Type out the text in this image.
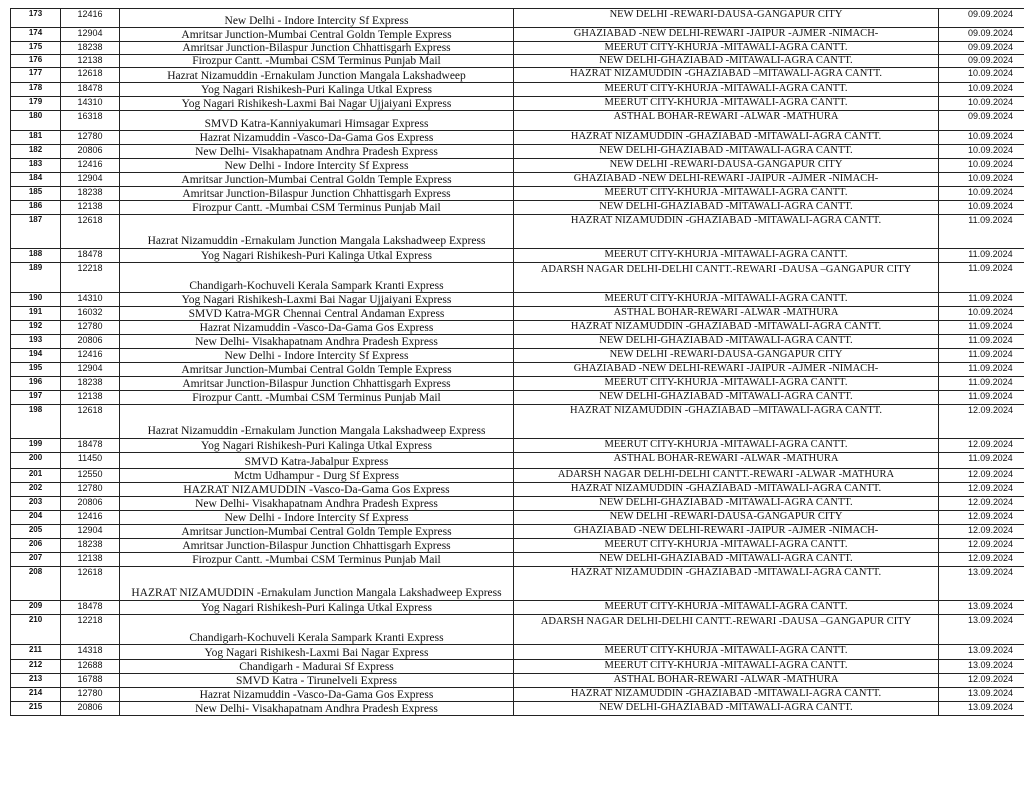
173	12416	New Delhi - Indore Intercity Sf Express	NEW DELHI -REWARI-DAUSA-GANGAPUR CITY	09.09.2024
174	12904	Amritsar Junction-Mumbai Central Goldn Temple Express	GHAZIABAD -NEW DELHI-REWARI -JAIPUR -AJMER -NIMACH-	09.09.2024
175	18238	Amritsar Junction-Bilaspur Junction Chhattisgarh Express	MEERUT CITY-KHURJA -MITAWALI-AGRA CANTT.	09.09.2024
176	12138	Firozpur Cantt. -Mumbai CSM Terminus Punjab Mail	NEW DELHI-GHAZIABAD -MITAWALI-AGRA CANTT.	09.09.2024
177	12618	Hazrat Nizamuddin -Ernakulam Junction Mangala Lakshadweep	HAZRAT NIZAMUDDIN -GHAZIABAD –MITAWALI-AGRA CANTT.	10.09.2024
178	18478	Yog Nagari Rishikesh-Puri Kalinga Utkal Express	MEERUT CITY-KHURJA -MITAWALI-AGRA CANTT.	10.09.2024
179	14310	Yog Nagari Rishikesh-Laxmi Bai Nagar Ujjaiyani Express	MEERUT CITY-KHURJA -MITAWALI-AGRA CANTT.	10.09.2024
180	16318	SMVD Katra-Kanniyakumari Himsagar Express	ASTHAL BOHAR-REWARI -ALWAR -MATHURA	09.09.2024
181	12780	Hazrat Nizamuddin -Vasco-Da-Gama Gos Express	HAZRAT NIZAMUDDIN -GHAZIABAD -MITAWALI-AGRA CANTT.	10.09.2024
182	20806	New Delhi- Visakhapatnam Andhra Pradesh Express	NEW DELHI-GHAZIABAD -MITAWALI-AGRA CANTT.	10.09.2024
183	12416	New Delhi - Indore Intercity Sf Express	NEW DELHI -REWARI-DAUSA-GANGAPUR CITY	10.09.2024
184	12904	Amritsar Junction-Mumbai Central Goldn Temple Express	GHAZIABAD -NEW DELHI-REWARI -JAIPUR -AJMER -NIMACH-	10.09.2024
185	18238	Amritsar Junction-Bilaspur Junction Chhattisgarh Express	MEERUT CITY-KHURJA -MITAWALI-AGRA CANTT.	10.09.2024
186	12138	Firozpur Cantt. -Mumbai CSM Terminus Punjab Mail	NEW DELHI-GHAZIABAD -MITAWALI-AGRA CANTT.	10.09.2024
187	12618	Hazrat Nizamuddin -Ernakulam Junction Mangala Lakshadweep Express	HAZRAT NIZAMUDDIN -GHAZIABAD -MITAWALI-AGRA CANTT.	11.09.2024
188	18478	Yog Nagari Rishikesh-Puri Kalinga Utkal Express	MEERUT CITY-KHURJA -MITAWALI-AGRA CANTT.	11.09.2024
189	12218	Chandigarh-Kochuveli Kerala Sampark Kranti Express	ADARSH NAGAR DELHI-DELHI CANTT.-REWARI -DAUSA –GANGAPUR CITY	11.09.2024
190	14310	Yog Nagari Rishikesh-Laxmi Bai Nagar Ujjaiyani Express	MEERUT CITY-KHURJA -MITAWALI-AGRA CANTT.	11.09.2024
191	16032	SMVD Katra-MGR Chennai Central Andaman Express	ASTHAL BOHAR-REWARI -ALWAR -MATHURA	10.09.2024
192	12780	Hazrat Nizamuddin -Vasco-Da-Gama Gos Express	HAZRAT NIZAMUDDIN -GHAZIABAD -MITAWALI-AGRA CANTT.	11.09.2024
193	20806	New Delhi- Visakhapatnam Andhra Pradesh Express	NEW DELHI-GHAZIABAD -MITAWALI-AGRA CANTT.	11.09.2024
194	12416	New Delhi - Indore Intercity Sf Express	NEW DELHI -REWARI-DAUSA-GANGAPUR CITY	11.09.2024
195	12904	Amritsar Junction-Mumbai Central Goldn Temple Express	GHAZIABAD -NEW DELHI-REWARI -JAIPUR -AJMER -NIMACH-	11.09.2024
196	18238	Amritsar Junction-Bilaspur Junction Chhattisgarh Express	MEERUT CITY-KHURJA -MITAWALI-AGRA CANTT.	11.09.2024
197	12138	Firozpur Cantt. -Mumbai CSM Terminus Punjab Mail	NEW DELHI-GHAZIABAD -MITAWALI-AGRA CANTT.	11.09.2024
198	12618	Hazrat Nizamuddin -Ernakulam Junction Mangala Lakshadweep Express	HAZRAT NIZAMUDDIN -GHAZIABAD –MITAWALI-AGRA CANTT.	12.09.2024
199	18478	Yog Nagari Rishikesh-Puri Kalinga Utkal Express	MEERUT CITY-KHURJA -MITAWALI-AGRA CANTT.	12.09.2024
200	11450	SMVD Katra-Jabalpur Express	ASTHAL BOHAR-REWARI -ALWAR -MATHURA	11.09.2024
201	12550	Mctm Udhampur - Durg Sf Express	ADARSH NAGAR DELHI-DELHI CANTT.-REWARI -ALWAR -MATHURA	12.09.2024
202	12780	HAZRAT NIZAMUDDIN -Vasco-Da-Gama Gos Express	HAZRAT NIZAMUDDIN -GHAZIABAD -MITAWALI-AGRA CANTT.	12.09.2024
203	20806	New Delhi- Visakhapatnam Andhra Pradesh Express	NEW DELHI-GHAZIABAD -MITAWALI-AGRA CANTT.	12.09.2024
204	12416	New Delhi - Indore Intercity Sf Express	NEW DELHI -REWARI-DAUSA-GANGAPUR CITY	12.09.2024
205	12904	Amritsar Junction-Mumbai Central Goldn Temple Express	GHAZIABAD -NEW DELHI-REWARI -JAIPUR -AJMER -NIMACH-	12.09.2024
206	18238	Amritsar Junction-Bilaspur Junction Chhattisgarh Express	MEERUT CITY-KHURJA -MITAWALI-AGRA CANTT.	12.09.2024
207	12138	Firozpur Cantt. -Mumbai CSM Terminus Punjab Mail	NEW DELHI-GHAZIABAD -MITAWALI-AGRA CANTT.	12.09.2024
208	12618	HAZRAT NIZAMUDDIN -Ernakulam Junction Mangala Lakshadweep Express	HAZRAT NIZAMUDDIN -GHAZIABAD -MITAWALI-AGRA CANTT.	13.09.2024
209	18478	Yog Nagari Rishikesh-Puri Kalinga Utkal Express	MEERUT CITY-KHURJA -MITAWALI-AGRA CANTT.	13.09.2024
210	12218	Chandigarh-Kochuveli Kerala Sampark Kranti Express	ADARSH NAGAR DELHI-DELHI CANTT.-REWARI -DAUSA –GANGAPUR CITY	13.09.2024
211	14318	Yog Nagari Rishikesh-Laxmi Bai Nagar Express	MEERUT CITY-KHURJA -MITAWALI-AGRA CANTT.	13.09.2024
212	12688	Chandigarh - Madurai Sf Express	MEERUT CITY-KHURJA -MITAWALI-AGRA CANTT.	13.09.2024
213	16788	SMVD Katra - Tirunelveli Express	ASTHAL BOHAR-REWARI -ALWAR -MATHURA	12.09.2024
214	12780	Hazrat Nizamuddin -Vasco-Da-Gama Gos Express	HAZRAT NIZAMUDDIN -GHAZIABAD -MITAWALI-AGRA CANTT.	13.09.2024
215	20806	New Delhi- Visakhapatnam Andhra Pradesh Express	NEW DELHI-GHAZIABAD -MITAWALI-AGRA CANTT.	13.09.2024
